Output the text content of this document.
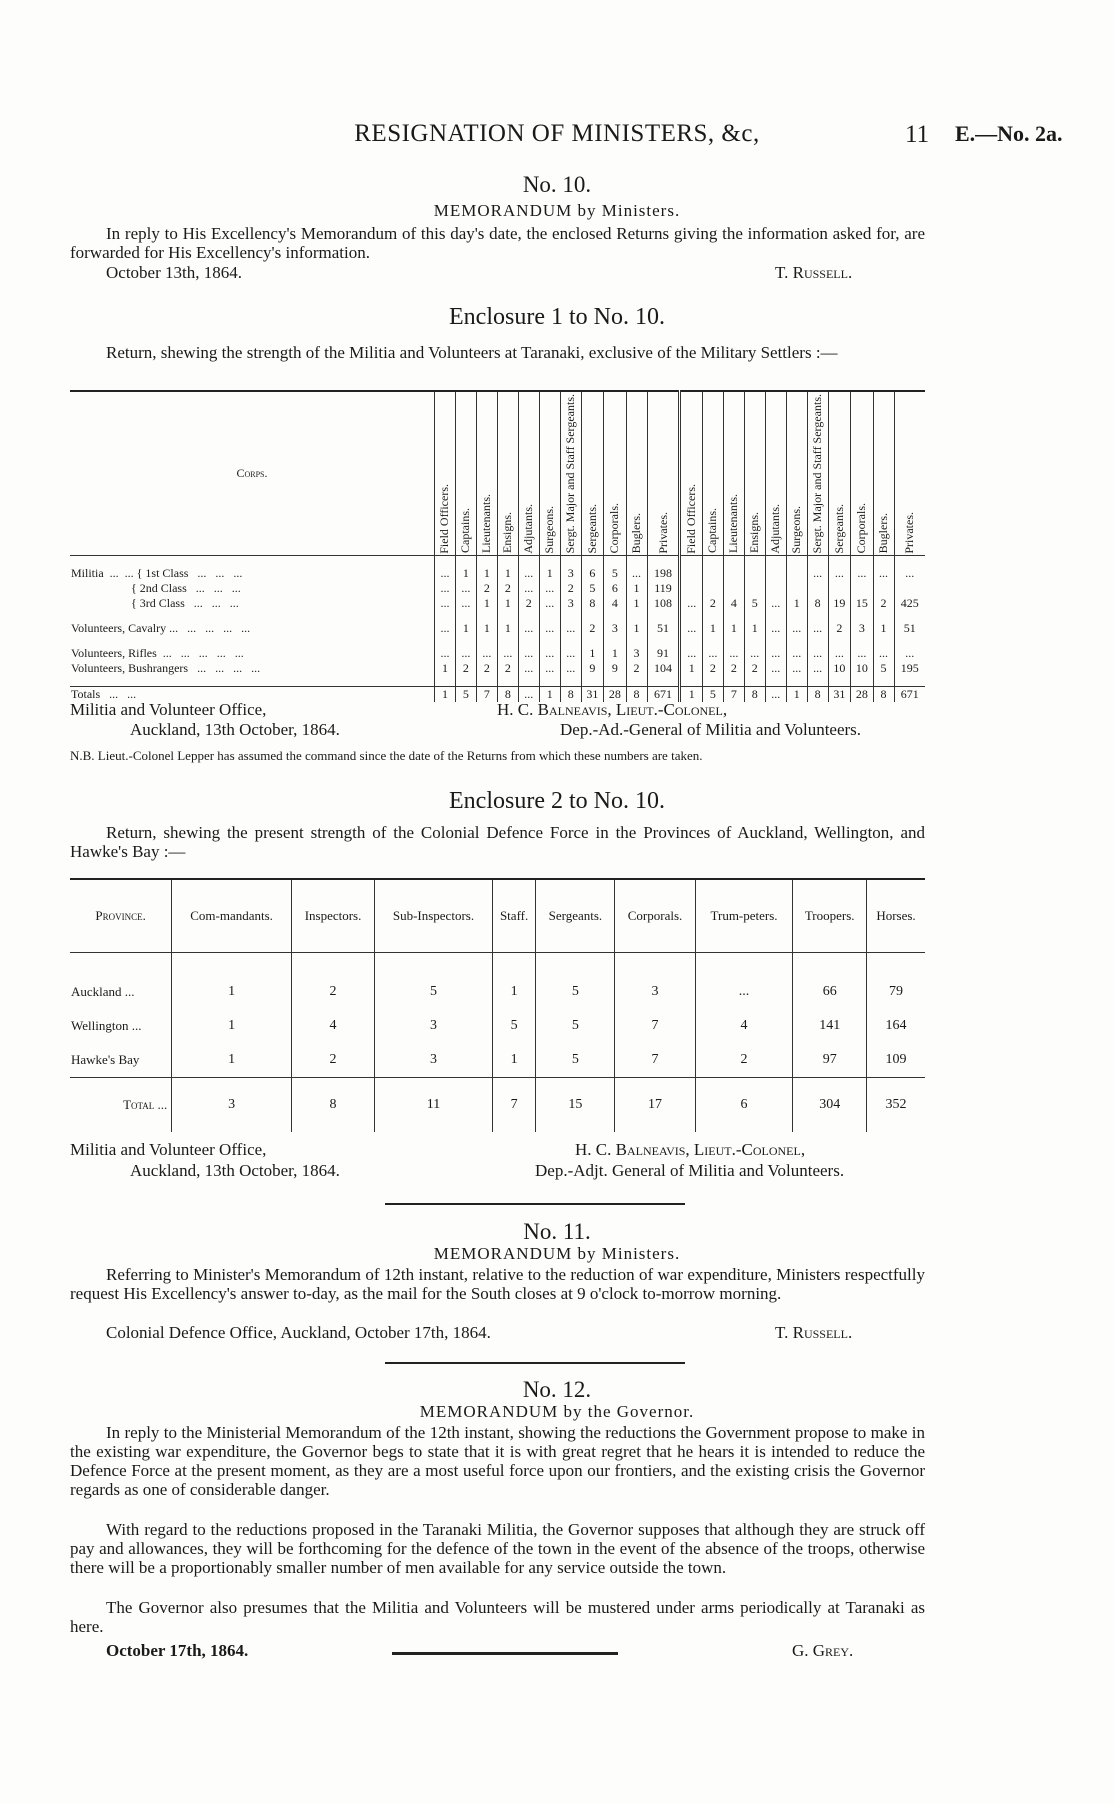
RESIGNATION OF MINISTERS, &c,	11 E.—No. 2a.
No. 10.
MEMORANDUM by Ministers.
In reply to His Excellency's Memorandum of this day's date, the enclosed Returns giving the information asked for, are forwarded for His Excellency's information.
October 13th, 1864.	T. Russell.
Enclosure 1 to No. 10.
Return, shewing the strength of the Militia and Volunteers at Taranaki, exclusive of the Military Settlers :—
Corps.	Field Officers.	Captains.	Lieutenants.	Ensigns.	Adjutants.	Surgeons.	Sergt. Major and Staff Sergeants.	Sergeants.	Corporals.	Buglers.	Privates.	Field Officers.	Captains.	Lieutenants.	Ensigns.	Adjutants.	Surgeons.	Sergt. Major and Staff Sergeants.	Sergeants.	Corporals.	Buglers.	Privates.

Militia  ...  ... { 1st Class   ...   ...   ...	...	1	1	1	...	1	3	6	5	...	198							...	...	...	...	...
{ 2nd Class   ...   ...   ...	...	...	2	2	...	...	2	5	6	1	119											
{ 3rd Class   ...   ...   ...	...	...	1	1	2	...	3	8	4	1	108	...	2	4	5	...	1	8	19	15	2	425

Volunteers, Cavalry ...   ...   ...   ...   ...	...	1	1	1	...	...	...	2	3	1	51	...	1	1	1	...	...	...	2	3	1	51

Volunteers, Rifles  ...   ...   ...   ...   ...	...	...	...	...	...	...	...	1	1	3	91	...	...	...	...	...	...	...	...	...	...	...
Volunteers, Bushrangers   ...   ...   ...   ...	1	2	2	2	...	...	...	9	9	2	104	1	2	2	2	...	...	...	10	10	5	195

Totals   ...   ...	1	5	7	8	...	1	8	31	28	8	671	1	5	7	8	...	1	8	31	28	8	671
Militia and Volunteer Office,
Auckland, 13th October, 1864.
H. C. Balneavis, Lieut.-Colonel,
Dep.-Ad.-General of Militia and Volunteers.
N.B. Lieut.-Colonel Lepper has assumed the command since the date of the Returns from which these numbers are taken.
Enclosure 2 to No. 10.
Return, shewing the present strength of the Colonial Defence Force in the Provinces of Auckland, Wellington, and Hawke's Bay :—
Province.	Com-mandants.	Inspectors.	Sub-Inspectors.	Staff.	Sergeants.	Corporals.	Trum-peters.	Troopers.	Horses.

Auckland ...	1	2	5	1	5	3	...	66	79
Wellington ...	1	4	3	5	5	7	4	141	164
Hawke's Bay	1	2	3	1	5	7	2	97	109
Total ...	3	8	11	7	15	17	6	304	352
Militia and Volunteer Office,
Auckland, 13th October, 1864.
H. C. Balneavis, Lieut.-Colonel,
Dep.-Adjt. General of Militia and Volunteers.
No. 11.
MEMORANDUM by Ministers.
Referring to Minister's Memorandum of 12th instant, relative to the reduction of war expenditure, Ministers respectfully request His Excellency's answer to-day, as the mail for the South closes at 9 o'clock to-morrow morning.
Colonial Defence Office, Auckland, October 17th, 1864.	T. Russell.
No. 12.
MEMORANDUM by the Governor.
In reply to the Ministerial Memorandum of the 12th instant, showing the reductions the Government propose to make in the existing war expenditure, the Governor begs to state that it is with great regret that he hears it is intended to reduce the Defence Force at the present moment, as they are a most useful force upon our frontiers, and the existing crisis the Governor regards as one of considerable danger.
With regard to the reductions proposed in the Taranaki Militia, the Governor supposes that although they are struck off pay and allowances, they will be forthcoming for the defence of the town in the event of the absence of the troops, otherwise there will be a proportionably smaller number of men available for any service outside the town.
The Governor also presumes that the Militia and Volunteers will be mustered under arms periodically at Taranaki as here.
October 17th, 1864.	G. Grey.
